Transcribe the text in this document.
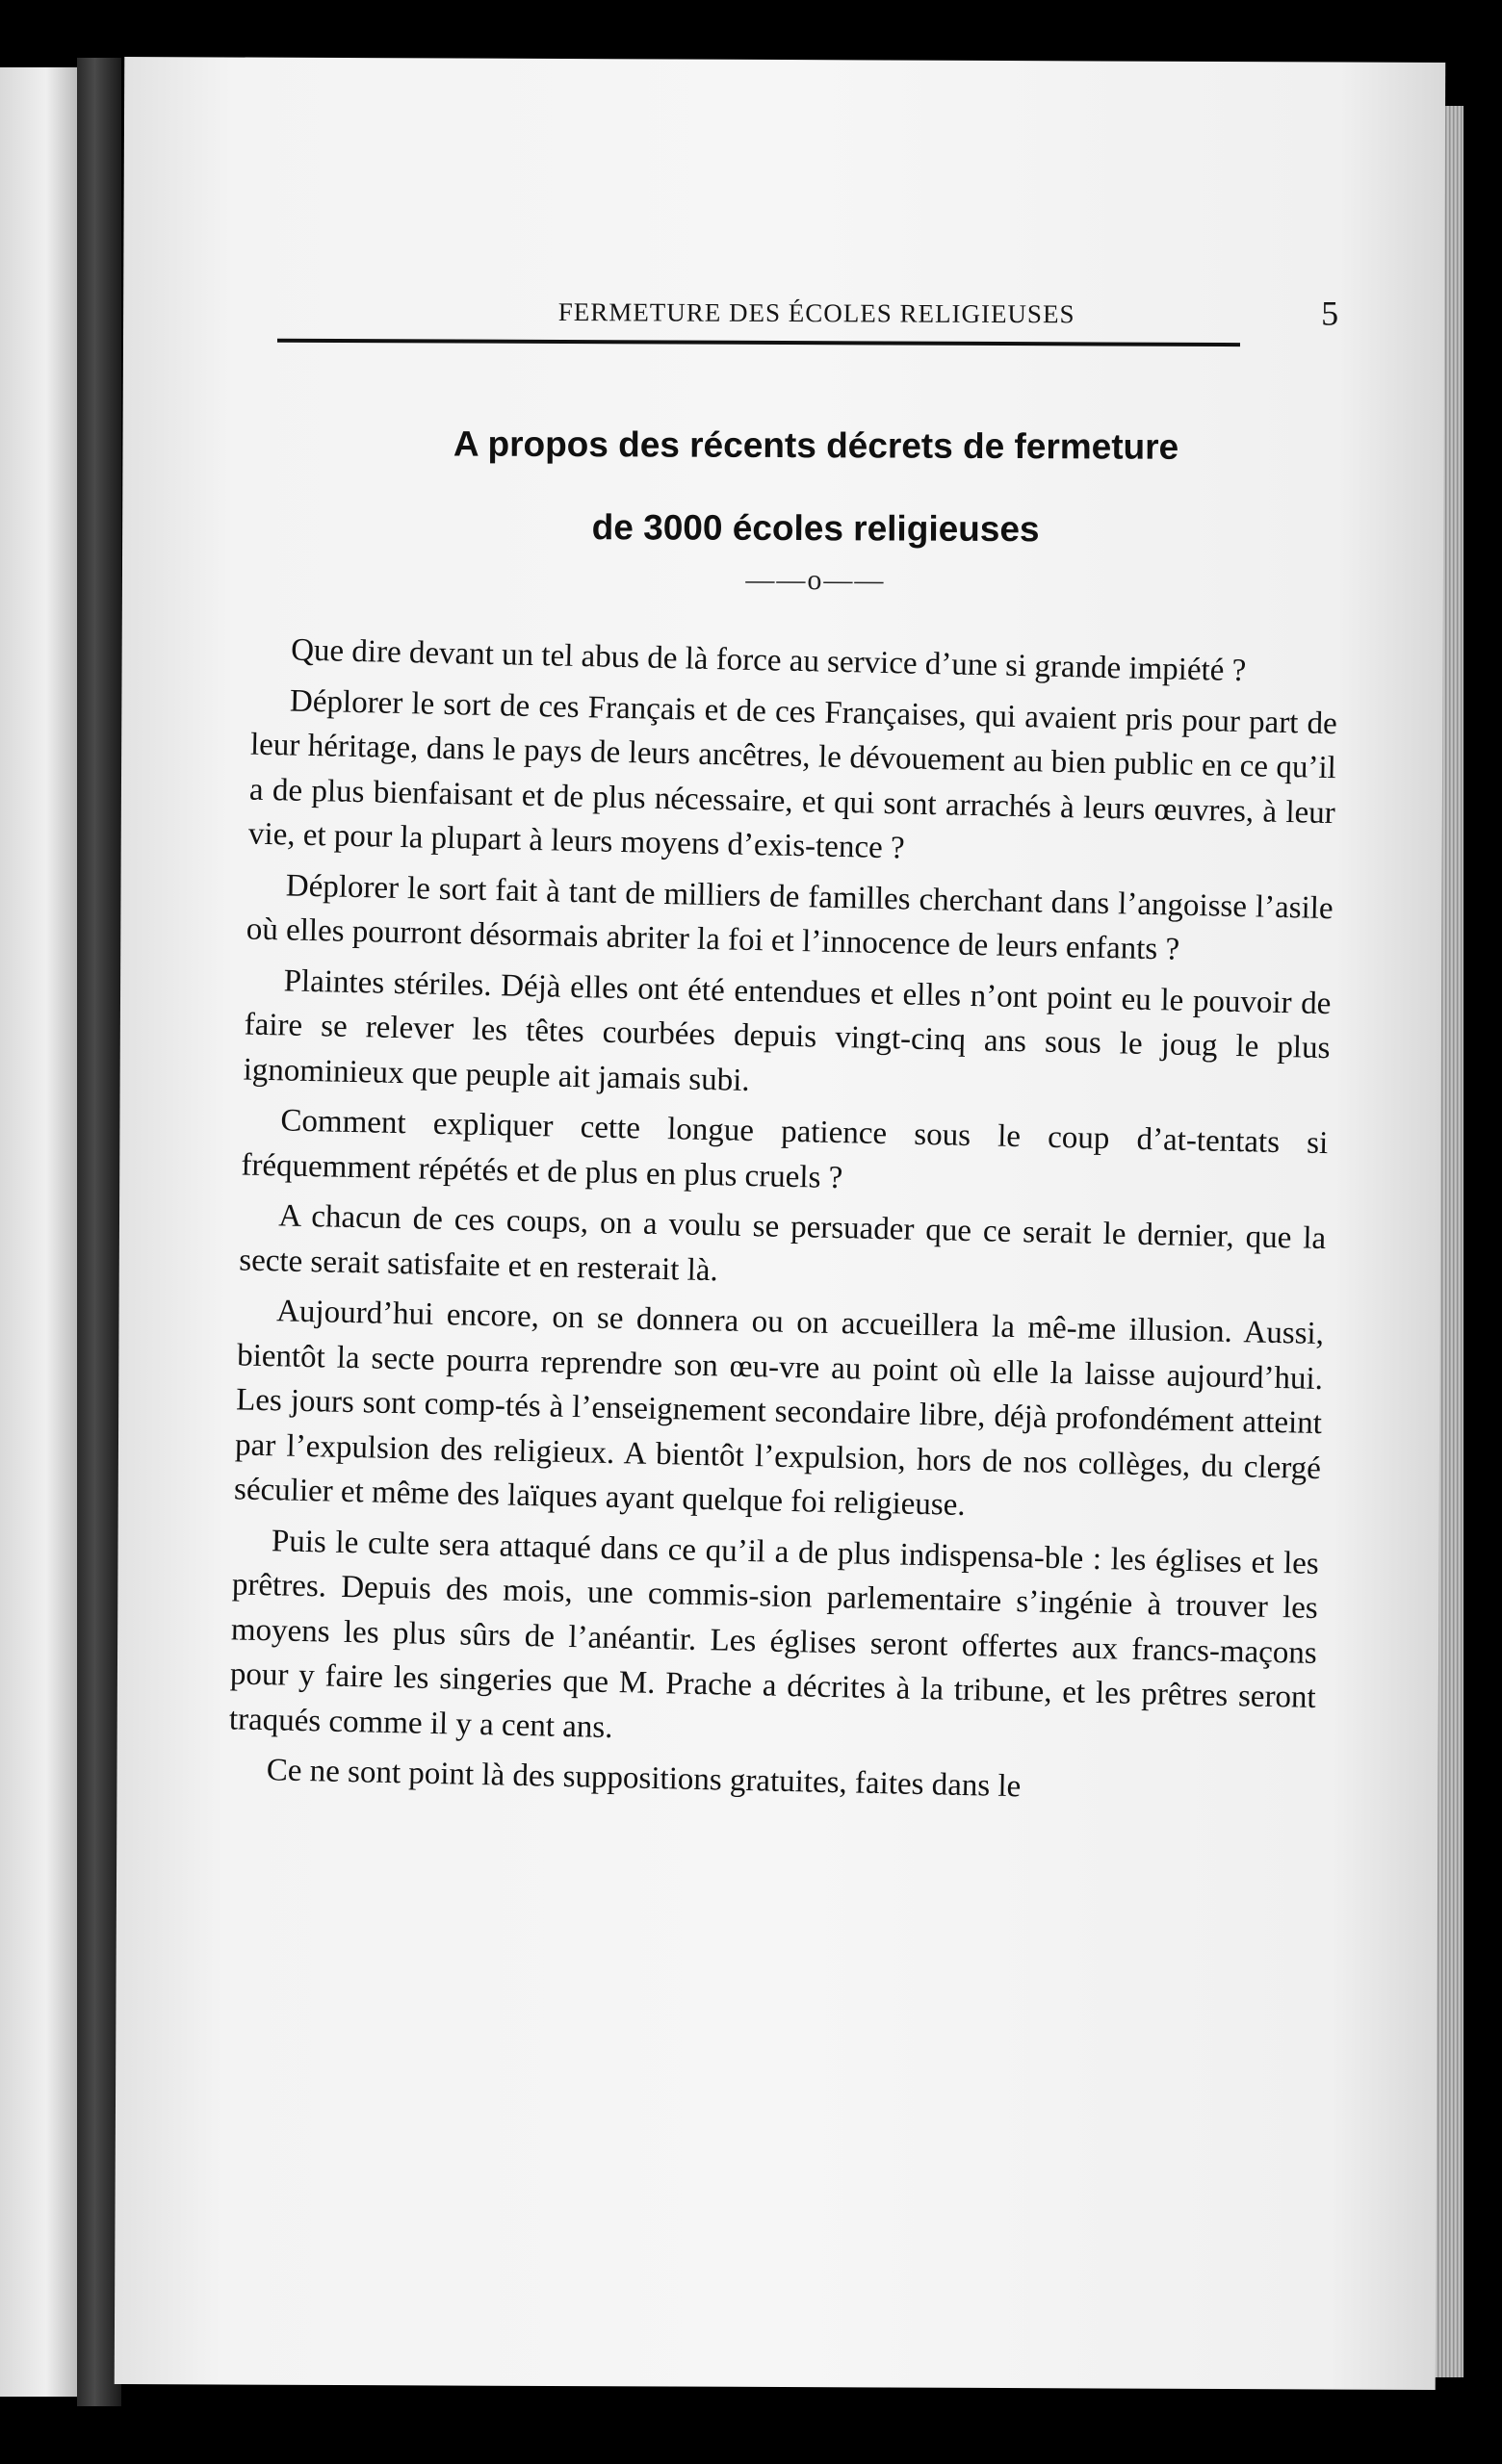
FERMETURE DES ÉCOLES RELIGIEUSES	5
A propos des récents décrets de fermeture
de 3000 écoles religieuses
——o——

Que dire devant un tel abus de là force au service d’une si grande impiété ?

Déplorer le sort de ces Français et de ces Françaises, qui avaient pris pour part de leur héritage, dans le pays de leurs ancêtres, le dévouement au bien public en ce qu’il a de plus bienfaisant et de plus nécessaire, et qui sont arrachés à leurs œuvres, à leur vie, et pour la plupart à leurs moyens d’exis-tence ?

Déplorer le sort fait à tant de milliers de familles cherchant dans l’angoisse l’asile où elles pourront désormais abriter la foi et l’innocence de leurs enfants ?

Plaintes stériles. Déjà elles ont été entendues et elles n’ont point eu le pouvoir de faire se relever les têtes courbées depuis vingt-cinq ans sous le joug le plus ignominieux que peuple ait jamais subi.

Comment expliquer cette longue patience sous le coup d’at-tentats si fréquemment répétés et de plus en plus cruels ?

A chacun de ces coups, on a voulu se persuader que ce serait le dernier, que la secte serait satisfaite et en resterait là.

Aujourd’hui encore, on se donnera ou on accueillera la mê-me illusion. Aussi, bientôt la secte pourra reprendre son œu-vre au point où elle la laisse aujourd’hui. Les jours sont comp-tés à l’enseignement secondaire libre, déjà profondément atteint par l’expulsion des religieux. A bientôt l’expulsion, hors de nos collèges, du clergé séculier et même des laïques ayant quelque foi religieuse.

Puis le culte sera attaqué dans ce qu’il a de plus indispensa-ble : les églises et les prêtres. Depuis des mois, une commis-sion parlementaire s’ingénie à trouver les moyens les plus sûrs de l’anéantir. Les églises seront offertes aux francs-maçons pour y faire les singeries que M. Prache a décrites à la tribune, et les prêtres seront traqués comme il y a cent ans.

Ce ne sont point là des suppositions gratuites, faites dans le
